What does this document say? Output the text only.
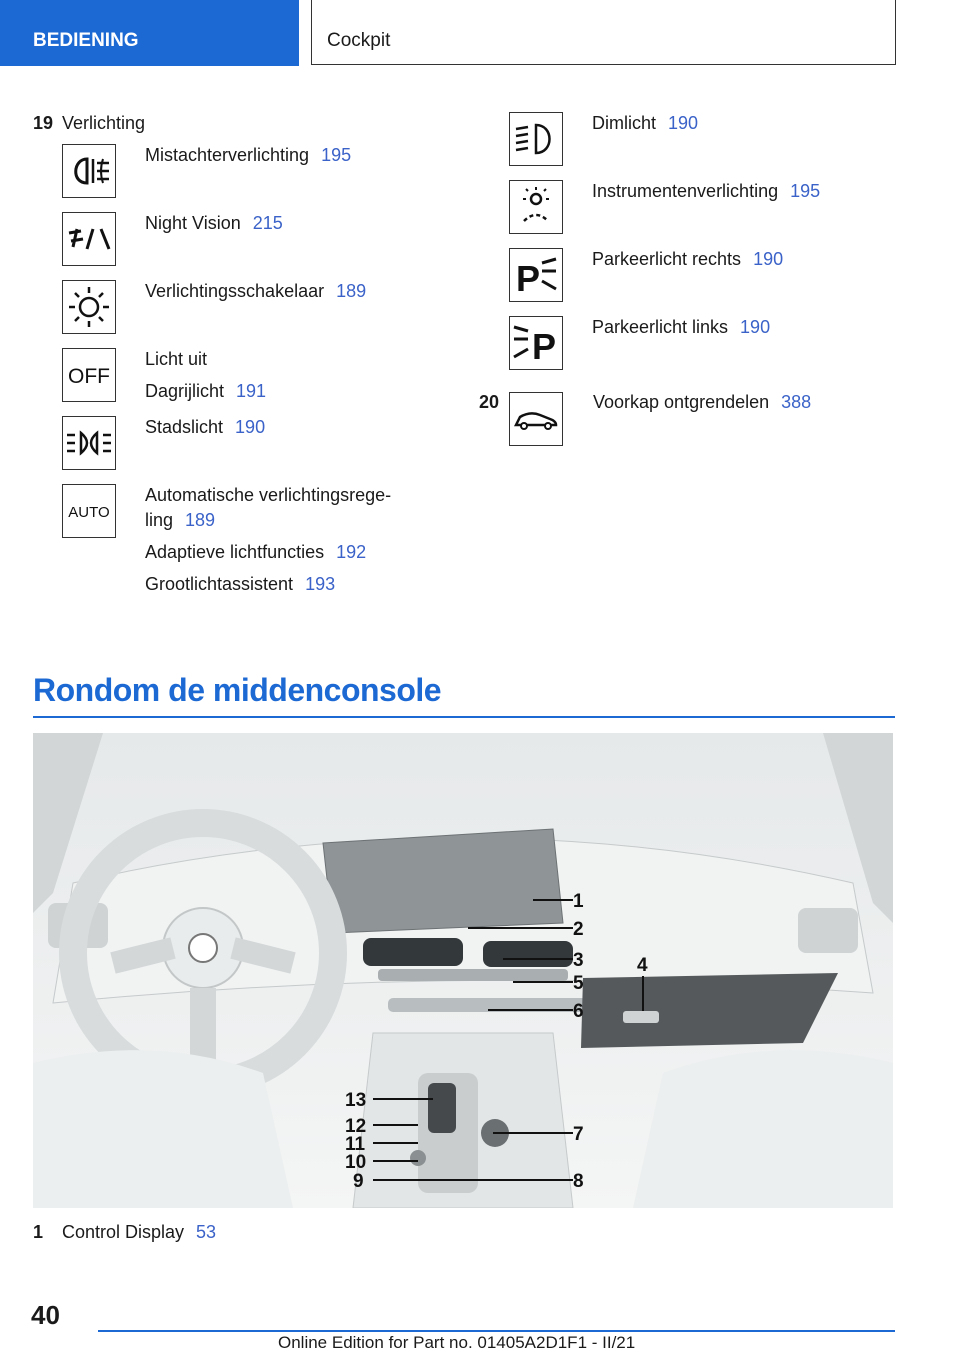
BEDIENING	Cockpit
19 Verlichting
OFF
AUTO
Mistachterverlichting 195
Night Vision 215
Verlichtingsschakelaar 189
Licht uit
Dagrijlicht 191
Stadslicht 190
Automatische verlichtingsrege-
ling 189
Adaptieve lichtfuncties 192
Grootlichtassistent 193
P
P
Dimlicht 190
Instrumentenverlichting 195
Parkeerlicht rechts 190
Parkeerlicht links 190
20	Voorkap ontgrendelen 388
Rondom de middenconsole
1
2
3	4
5
6
7
8
9
10
11
12
13
1 Control Display 53
40
Online Edition for Part no. 01405A2D1F1 - II/21
